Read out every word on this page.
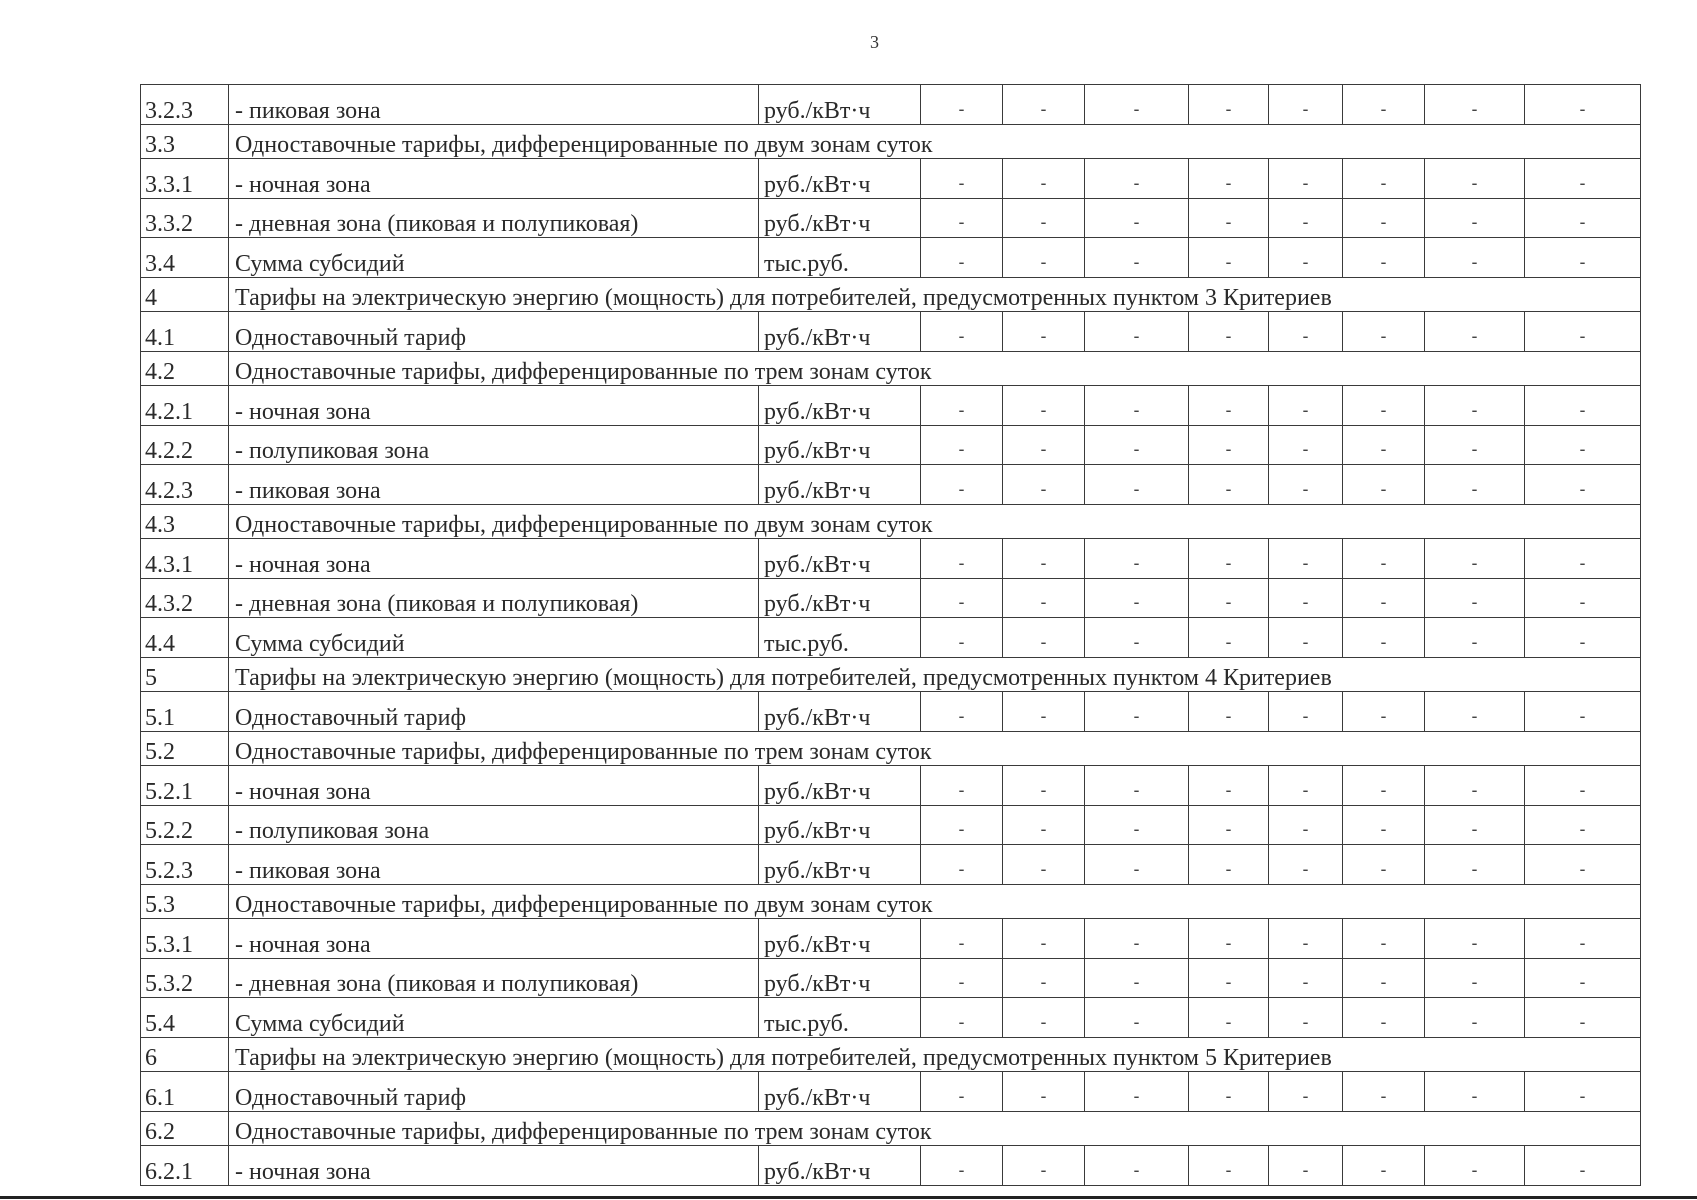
3
3.2.3	- пиковая зона	руб./кВт·ч	-	-	-	-	-	-	-	-
3.3	Одноставочные тарифы, дифференцированные по двум зонам суток									
3.3.1	- ночная зона	руб./кВт·ч	-	-	-	-	-	-	-	-
3.3.2	- дневная зона (пиковая и полупиковая)	руб./кВт·ч	-	-	-	-	-	-	-	-
3.4	Сумма субсидий	тыс.руб.	-	-	-	-	-	-	-	-
4	Тарифы на электрическую энергию (мощность) для потребителей, предусмотренных пунктом 3 Критериев									
4.1	Одноставочный тариф	руб./кВт·ч	-	-	-	-	-	-	-	-
4.2	Одноставочные тарифы, дифференцированные по трем зонам суток									
4.2.1	- ночная зона	руб./кВт·ч	-	-	-	-	-	-	-	-
4.2.2	- полупиковая зона	руб./кВт·ч	-	-	-	-	-	-	-	-
4.2.3	- пиковая зона	руб./кВт·ч	-	-	-	-	-	-	-	-
4.3	Одноставочные тарифы, дифференцированные по двум зонам суток									
4.3.1	- ночная зона	руб./кВт·ч	-	-	-	-	-	-	-	-
4.3.2	- дневная зона (пиковая и полупиковая)	руб./кВт·ч	-	-	-	-	-	-	-	-
4.4	Сумма субсидий	тыс.руб.	-	-	-	-	-	-	-	-
5	Тарифы на электрическую энергию (мощность) для потребителей, предусмотренных пунктом 4 Критериев									
5.1	Одноставочный тариф	руб./кВт·ч	-	-	-	-	-	-	-	-
5.2	Одноставочные тарифы, дифференцированные по трем зонам суток									
5.2.1	- ночная зона	руб./кВт·ч	-	-	-	-	-	-	-	-
5.2.2	- полупиковая зона	руб./кВт·ч	-	-	-	-	-	-	-	-
5.2.3	- пиковая зона	руб./кВт·ч	-	-	-	-	-	-	-	-
5.3	Одноставочные тарифы, дифференцированные по двум зонам суток									
5.3.1	- ночная зона	руб./кВт·ч	-	-	-	-	-	-	-	-
5.3.2	- дневная зона (пиковая и полупиковая)	руб./кВт·ч	-	-	-	-	-	-	-	-
5.4	Сумма субсидий	тыс.руб.	-	-	-	-	-	-	-	-
6	Тарифы на электрическую энергию (мощность) для потребителей, предусмотренных пунктом 5 Критериев									
6.1	Одноставочный тариф	руб./кВт·ч	-	-	-	-	-	-	-	-
6.2	Одноставочные тарифы, дифференцированные по трем зонам суток									
6.2.1	- ночная зона	руб./кВт·ч	-	-	-	-	-	-	-	-
